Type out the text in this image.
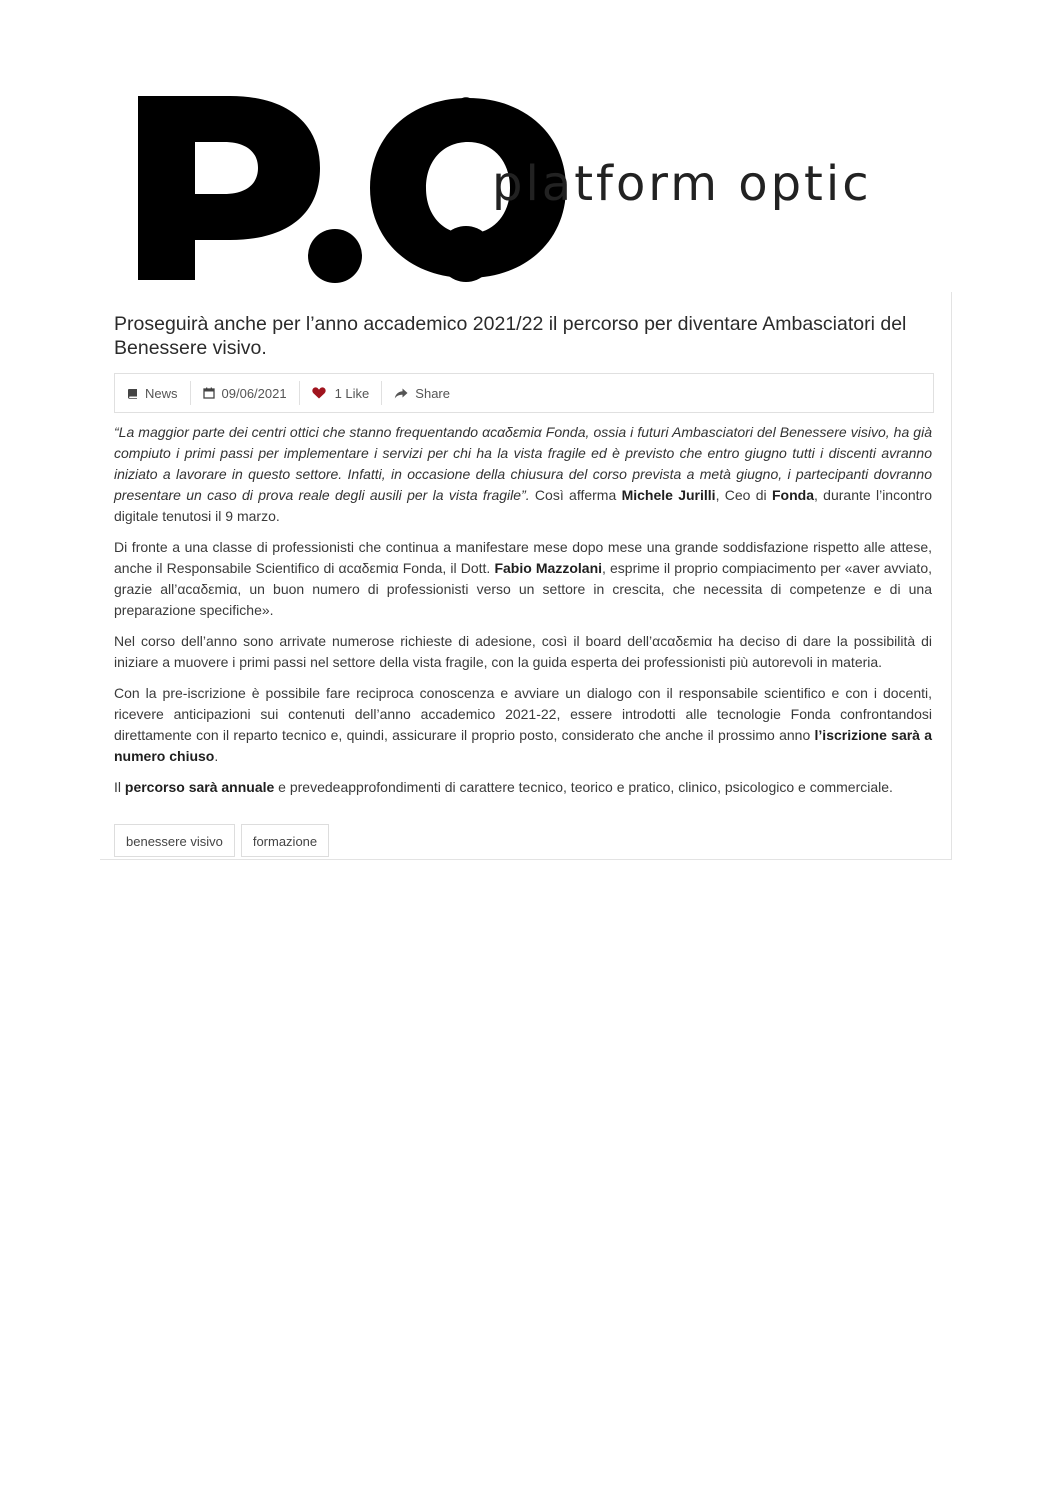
R
platform optic
Proseguirà anche per l’anno accademico 2021/22 il percorso per diventare Ambasciatori del Benessere visivo.
News	09/06/2021	1 Like	Share

“La maggior parte dei centri ottici che stanno frequentando αcαδεmiα Fonda, ossia i futuri Ambasciatori del Benessere visivo, ha già compiuto i primi passi per implementare i servizi per chi ha la vista fragile ed è previsto che entro giugno tutti i discenti avranno iniziato a lavorare in questo settore. Infatti, in occasione della chiusura del corso prevista a metà giugno, i partecipanti dovranno presentare un caso di prova reale degli ausili per la vista fragile”. Così afferma Michele Jurilli, Ceo di Fonda, durante l’incontro digitale tenutosi il 9 marzo.

Di fronte a una classe di professionisti che continua a manifestare mese dopo mese una grande soddisfazione rispetto alle attese, anche il Responsabile Scientifico di αcαδεmiα Fonda, il Dott. Fabio Mazzolani, esprime il proprio compiacimento per «aver avviato, grazie all’αcαδεmiα, un buon numero di professionisti verso un settore in crescita, che necessita di competenze e di una preparazione specifiche».

Nel corso dell’anno sono arrivate numerose richieste di adesione, così il board dell’αcαδεmiα ha deciso di dare la possibilità di iniziare a muovere i primi passi nel settore della vista fragile, con la guida esperta dei professionisti più autorevoli in materia.

Con la pre-iscrizione è possibile fare reciproca conoscenza e avviare un dialogo con il responsabile scientifico e con i docenti, ricevere anticipazioni sui contenuti dell’anno accademico 2021-22, essere introdotti alle tecnologie Fonda confrontandosi direttamente con il reparto tecnico e, quindi, assicurare il proprio posto, considerato che anche il prossimo anno l’iscrizione sarà a numero chiuso.

Il percorso sarà annuale e prevedeapprofondimenti di carattere tecnico, teorico e pratico, clinico, psicologico e commerciale.

benessere visivo	formazione
